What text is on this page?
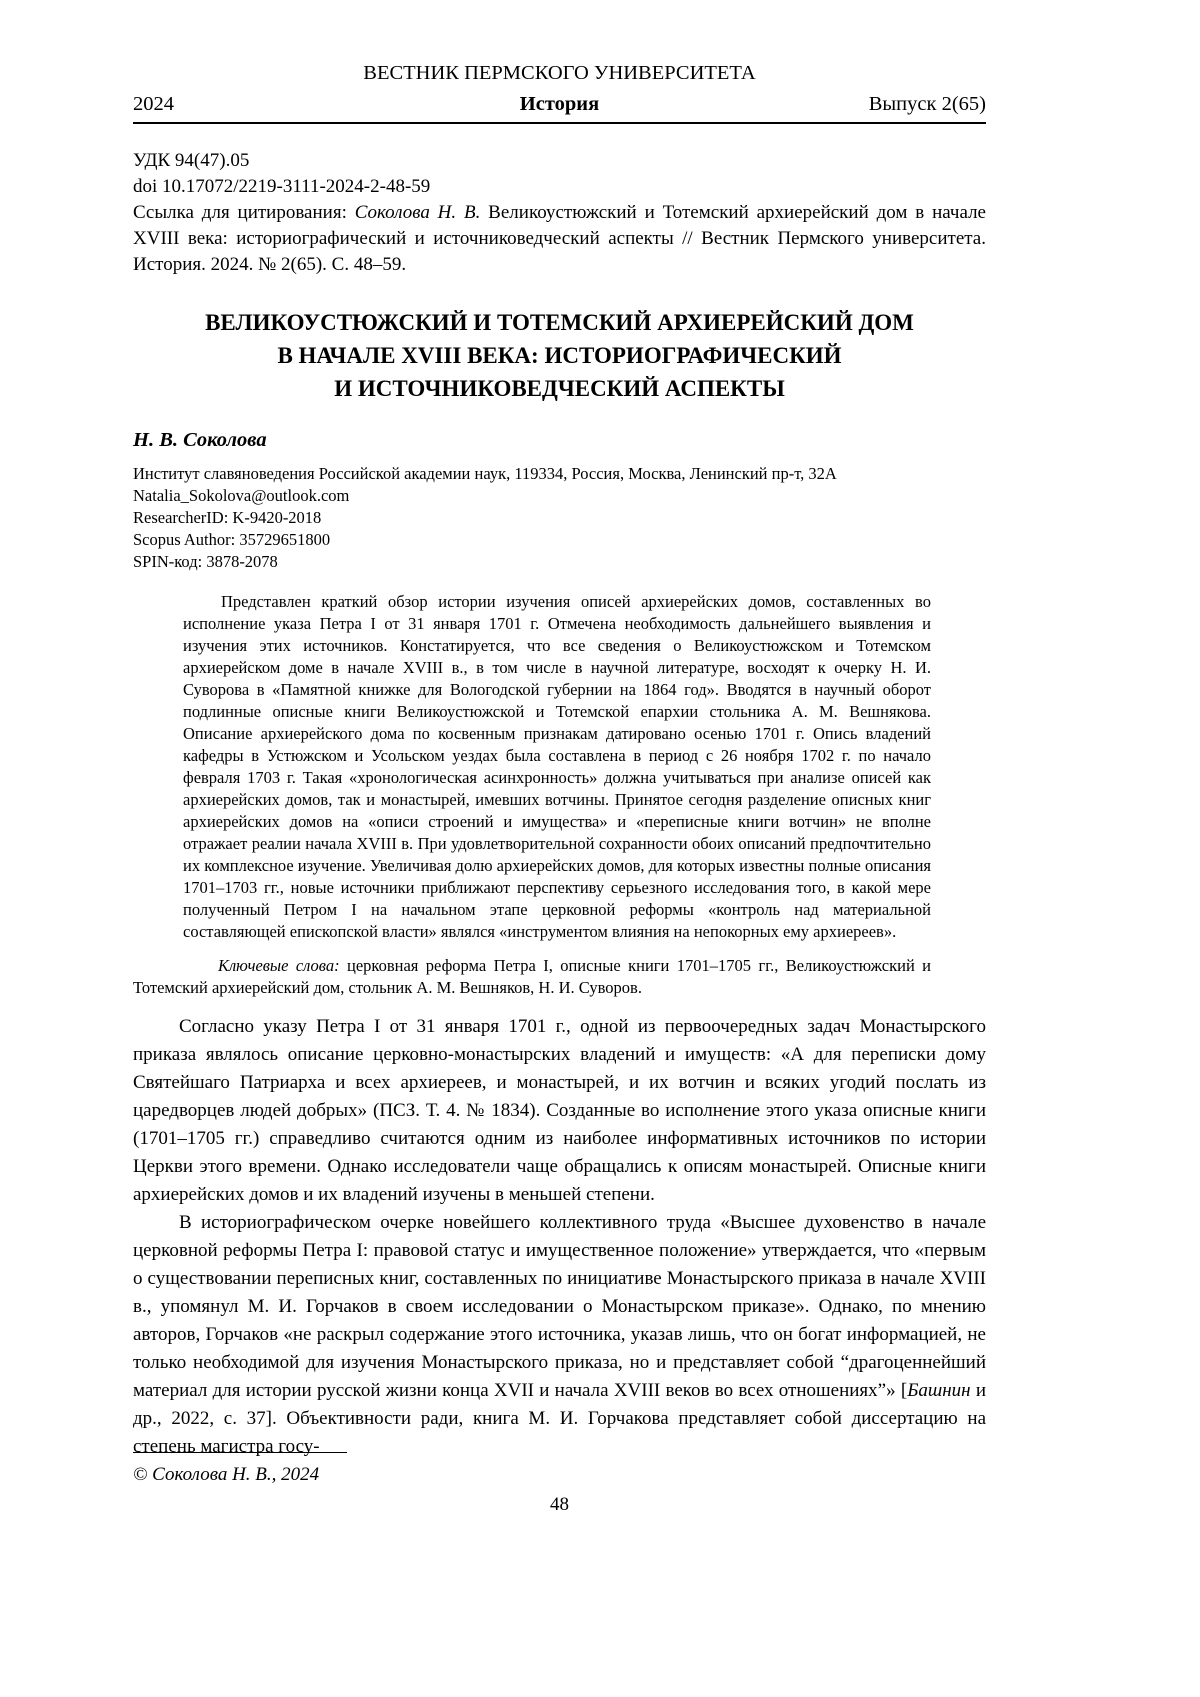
ВЕСТНИК ПЕРМСКОГО УНИВЕРСИТЕТА
2024	История	Выпуск 2(65)
УДК 94(47).05
doi 10.17072/2219-3111-2024-2-48-59
Ссылка для цитирования: Соколова Н. В. Великоустюжский и Тотемский архиерейский дом в начале XVIII века: историографический и источниковедческий аспекты // Вестник Пермского университета. История. 2024. № 2(65). С. 48–59.
ВЕЛИКОУСТЮЖСКИЙ И ТОТЕМСКИЙ АРХИЕРЕЙСКИЙ ДОМ
В НАЧАЛЕ XVIII ВЕКА: ИСТОРИОГРАФИЧЕСКИЙ
И ИСТОЧНИКОВЕДЧЕСКИЙ АСПЕКТЫ
Н. В. Соколова
Институт славяноведения Российской академии наук, 119334, Россия, Москва, Ленинский пр-т, 32А
Natalia_Sokolova@outlook.com
ResearcherID: K-9420-2018
Scopus Author: 35729651800
SPIN-код: 3878-2078
Представлен краткий обзор истории изучения описей архиерейских домов, составленных во исполнение указа Петра I от 31 января 1701 г. Отмечена необходимость дальнейшего выявления и изучения этих источников. Констатируется, что все сведения о Великоустюжском и Тотемском архиерейском доме в начале XVIII в., в том числе в научной литературе, восходят к очерку Н. И. Суворова в «Памятной книжке для Вологодской губернии на 1864 год». Вводятся в научный оборот подлинные описные книги Великоустюжской и Тотемской епархии стольника А. М. Вешнякова. Описание архиерейского дома по косвенным признакам датировано осенью 1701 г. Опись владений кафедры в Устюжском и Усольском уездах была составлена в период с 26 ноября 1702 г. по начало февраля 1703 г. Такая «хронологическая асинхронность» должна учитываться при анализе описей как архиерейских домов, так и монастырей, имевших вотчины. Принятое сегодня разделение описных книг архиерейских домов на «описи строений и имущества» и «переписные книги вотчин» не вполне отражает реалии начала XVIII в. При удовлетворительной сохранности обоих описаний предпочтительно их комплексное изучение. Увеличивая долю архиерейских домов, для которых известны полные описания 1701–1703 гг., новые источники приближают перспективу серьезного исследования того, в какой мере полученный Петром I на начальном этапе церковной реформы «контроль над материальной составляющей епископской власти» являлся «инструментом влияния на непокорных ему архиереев».
Ключевые слова: церковная реформа Петра I, описные книги 1701–1705 гг., Великоустюжский и Тотемский архиерейский дом, стольник А. М. Вешняков, Н. И. Суворов.

Согласно указу Петра I от 31 января 1701 г., одной из первоочередных задач Монастырского приказа являлось описание церковно-монастырских владений и имуществ: «А для переписки дому Святейшаго Патриарха и всех архиереев, и монастырей, и их вотчин и всяких угодий послать из царедворцев людей добрых» (ПСЗ. Т. 4. № 1834). Созданные во исполнение этого указа описные книги (1701–1705 гг.) справедливо считаются одним из наиболее информативных источников по истории Церкви этого времени. Однако исследователи чаще обращались к описям монастырей. Описные книги архиерейских домов и их владений изучены в меньшей степени.

В историографическом очерке новейшего коллективного труда «Высшее духовенство в начале церковной реформы Петра I: правовой статус и имущественное положение» утверждается, что «первым о существовании переписных книг, составленных по инициативе Монастырского приказа в начале XVIII в., упомянул М. И. Горчаков в своем исследовании о Монастырском приказе». Однако, по мнению авторов, Горчаков «не раскрыл содержание этого источника, указав лишь, что он богат информацией, не только необходимой для изучения Монастырского приказа, но и представляет собой “драгоценнейший материал для истории русской жизни конца XVII и начала XVIII веков во всех отношениях”» [Башнин и др., 2022, с. 37]. Объективности ради, книга М. И. Горчакова представляет собой диссертацию на степень магистра госу-

© Соколова Н. В., 2024
48
